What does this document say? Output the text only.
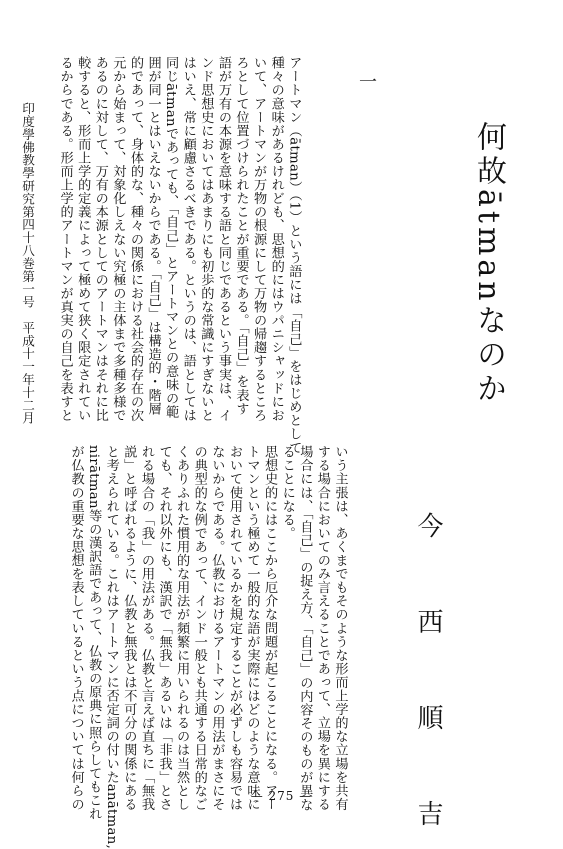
印度學佛教學研究第四十八巻第一号　平成十一年十二月	アートマン（ātman）（1）という語には「自己」をはじめとして
種々の意味があるけれども、思想的にはウパニシャッドにお
いて、アートマンが万物の根源にして万物の帰趨するところ
ろとして位置づけられたことが重要である。「自己」を表す
語が万有の本源を意味する語と同じであるという事実は、イ
ンド思想史においてはあまりにも初歩的な常識にすぎないと
はいえ、常に顧慮さるべきである。というのは、語としては
同じātmanであっても、「自己」とアートマンとの意味の範
囲が同一とはいえないからである。「自己」は構造的・階層
的であって、身体的な、種々の関係における社会的存在の次
元から始まって、対象化しえない究極の主体まで多種多様で
あるのに対して、万有の本源としてのアートマンはそれに比
較すると、形而上学的定義によって極めて狭く限定されてい
るからである。形而上学的アートマンが真実の自己を表すと	一
何故ātmanなのか
今　西　順　吉
いう主張は、あくまでもそのような形而上学的な立場を共有
する場合においてのみ言えることであって、立場を異にする
場合には、「自己」の捉え方、「自己」の内容そのものが異な
ることになる。
思想史的にはここから厄介な問題が起こることになる。アー
トマンという極めて一般的な語が実際にはどのような意味に
おいて使用されているかを規定することが必ずしも容易では
ないからである。仏教におけるアートマンの用法がまさにそ
の典型的な例であって、インド一般とも共通する日常的なご
くありふれた慣用的な用法が頻繁に用いられるのは当然とし
ても、それ以外にも、漢訳で「無我」あるいは「非我」とさ
れる場合の「我」の用法がある。仏教と言えば直ちに「無我
説」と呼ばれるように、仏教と無我とは不可分の関係にある
と考えられている。これはアートマンに否定詞の付いたanātman,
nirātman等の漢訳語であって、仏教の原典に照らしてもこれ
が仏教の重要な思想を表しているという点については何らの	— 275 —
